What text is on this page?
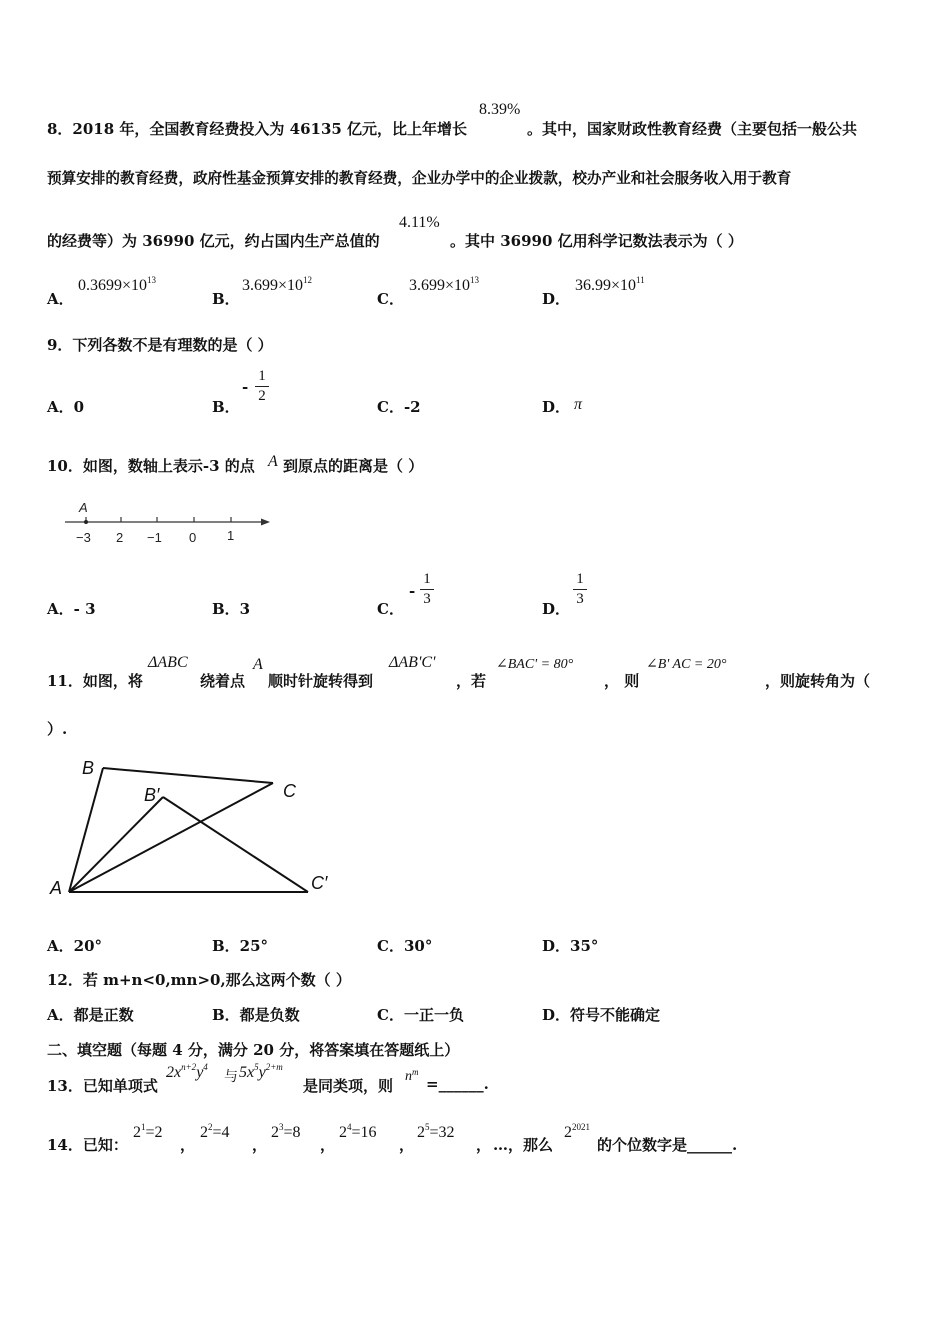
8．2018 年，全国教育经费投入为 46135 亿元，比上年增长
8.39%
。其中，国家财政性教育经费（主要包括一般公共
预算安排的教育经费，政府性基金预算安排的教育经费，企业办学中的企业拨款，校办产业和社会服务收入用于教育
的经费等）为 36990 亿元，约占国内生产总值的
4.11%
。其中 36990 亿用科学记数法表示为（ ）
A．
$0.3699\times 10^{13}$
B．
$3.699\times 10^{12}$
C．
$3.699\times 10^{13}$
D．
$36.99\times 10^{11}$
9．下列各数不是有理数的是（ ）
A．0	B．
-
1
2
C．-2	D． π
10．如图，数轴上表示-3 的点 A 到原点的距离是（ ）
A
−3 2 −1 0 1
A．- 3	B．3	C．
-
1
3
D．
1
3
11．如图，将
ΔABC
绕着点
A
顺时针旋转得到
ΔAB'C'
，若
∠BAC' = 80°
， 则
∠B' AC = 20°
，则旋转角为（
）.
B
B′	C
A	C′
A．20°	B．25°	C．30°	D．35°
12．若 m+n<0,mn>0,那么这两个数（ ）
A．都是正数	B．都是负数	C．一正一负	D．符号不能确定
二、填空题（每题 4 分，满分 20 分，将答案填在答题纸上）
13．已知单项式
$2x^{n+2}y^4$
与 $5x^5y^{2+m}$
是同类项，则
$n^m$
=______.
14．已知：
$2^1=2$
，
$2^2=4$
，
$2^3=8$
，
$2^4=16$
，
$2^5=32$
， …，那么
$2^{2021}$
的个位数字是______.
